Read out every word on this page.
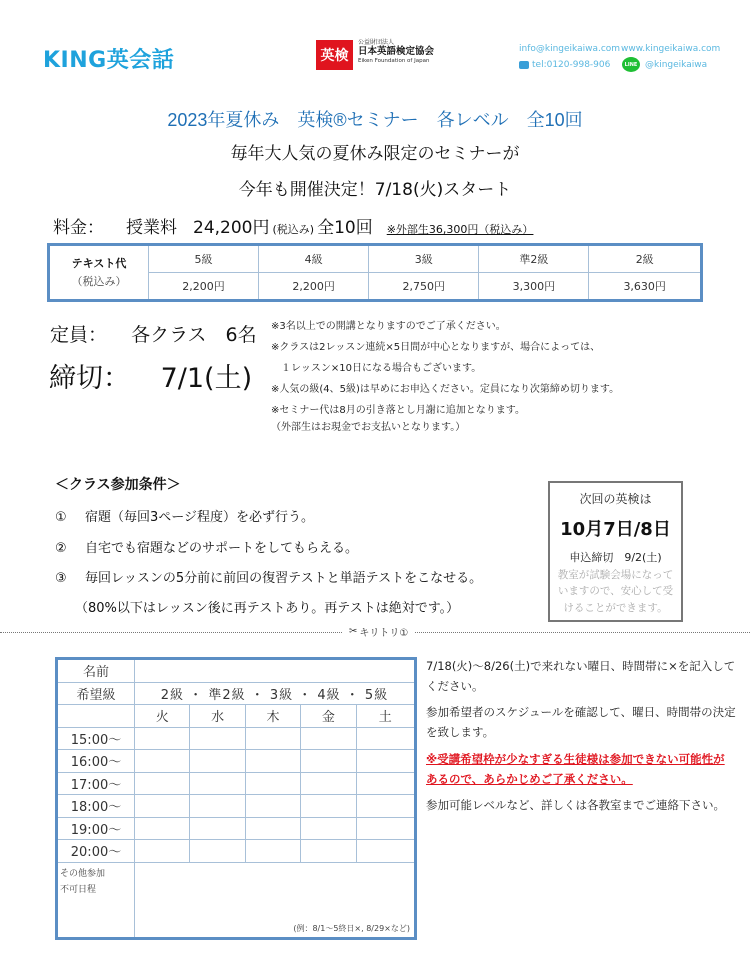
KING英会話	英検
公益財団法人
日本英語検定協会
Eiken Foundation of Japan
info@kingeikaiwa.com www.kingeikaiwa.com
tel:0120-998-906	LINE @kingeikaiwa
2023年夏休み　英検®セミナー　各レベル　全10回
毎年大人気の夏休み限定のセミナーが
今年も開催決定！7/18(火)スタート
料金： 授業料 24,200円 (税込み) 全10回 ※外部生36,300円（税込み）
テキスト代
（税込み）	5級	4級	3級	準2級	2級
	2,200円	2,200円	2,750円	3,300円	3,630円
定員： 各クラス　6名
締切： 7/1(土)
※3名以上での開講となりますのでご了承ください。
※クラスは2レッスン連続×5日間が中心となりますが、場合によっては、
　１レッスン×10日になる場合もございます。
※人気の級(4、5級)は早めにお申込ください。定員になり次第締め切ります。
※セミナー代は8月の引き落とし月謝に追加となります。
（外部生はお現金でお支払いとなります。）
＜クラス参加条件＞
① 宿題（毎回3ページ程度）を必ず行う。
② 自宅でも宿題などのサポートをしてもらえる。
③ 毎回レッスンの5分前に前回の復習テストと単語テストをこなせる。
（80%以下はレッスン後に再テストあり。再テストは絶対です。）
次回の英検は
10月7日/8日
申込締切　9/2(土)
教室が試験会場になっていますので、安心して受けることができます。
✂ キリトリ①
名前					
希望級	2級 ・ 準2級 ・ 3級 ・ 4級 ・ 5級				
	火	水	木	金	土
15:00〜					
16:00〜					
17:00〜					
18:00〜					
19:00〜					
20:00〜					

その他参加
不可日程	(例：8/1〜5終日×, 8/29×など)				

7/18(火)〜8/26(土)で来れない曜日、時間帯に×を記入してください。

参加希望者のスケジュールを確認して、曜日、時間帯の決定を致します。

※受講希望枠が少なすぎる生徒様は参加できない可能性があるので、あらかじめご了承ください。

参加可能レベルなど、詳しくは各教室までご連絡下さい。
